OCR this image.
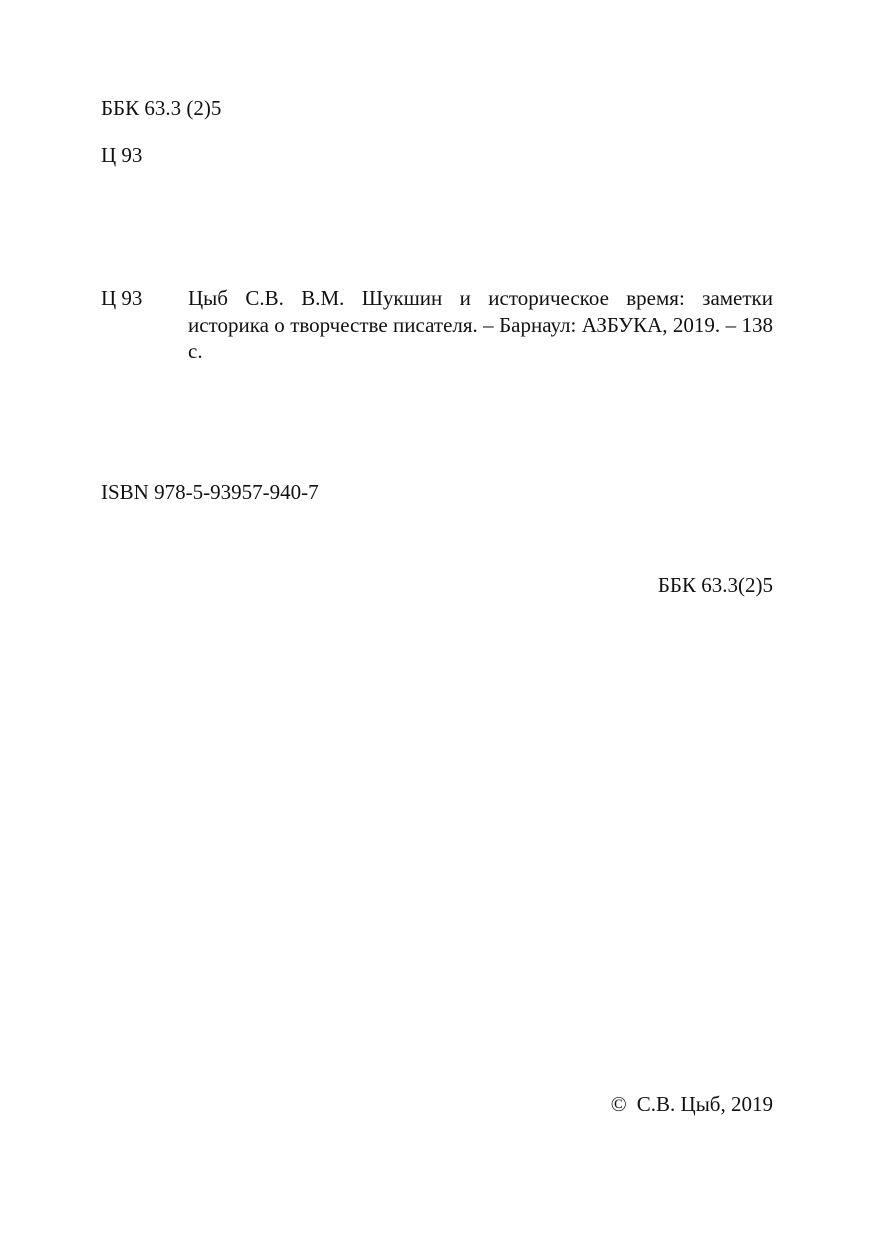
ББК 63.3 (2)5
Ц 93
Ц 93 Цыб С.В. В.М. Шукшин и историческое время: заметки историка о творчестве писателя. – Барнаул: АЗБУКА, 2019. – 138 с.
ISBN 978-5-93957-940-7
ББК 63.3(2)5
© С.В. Цыб, 2019
